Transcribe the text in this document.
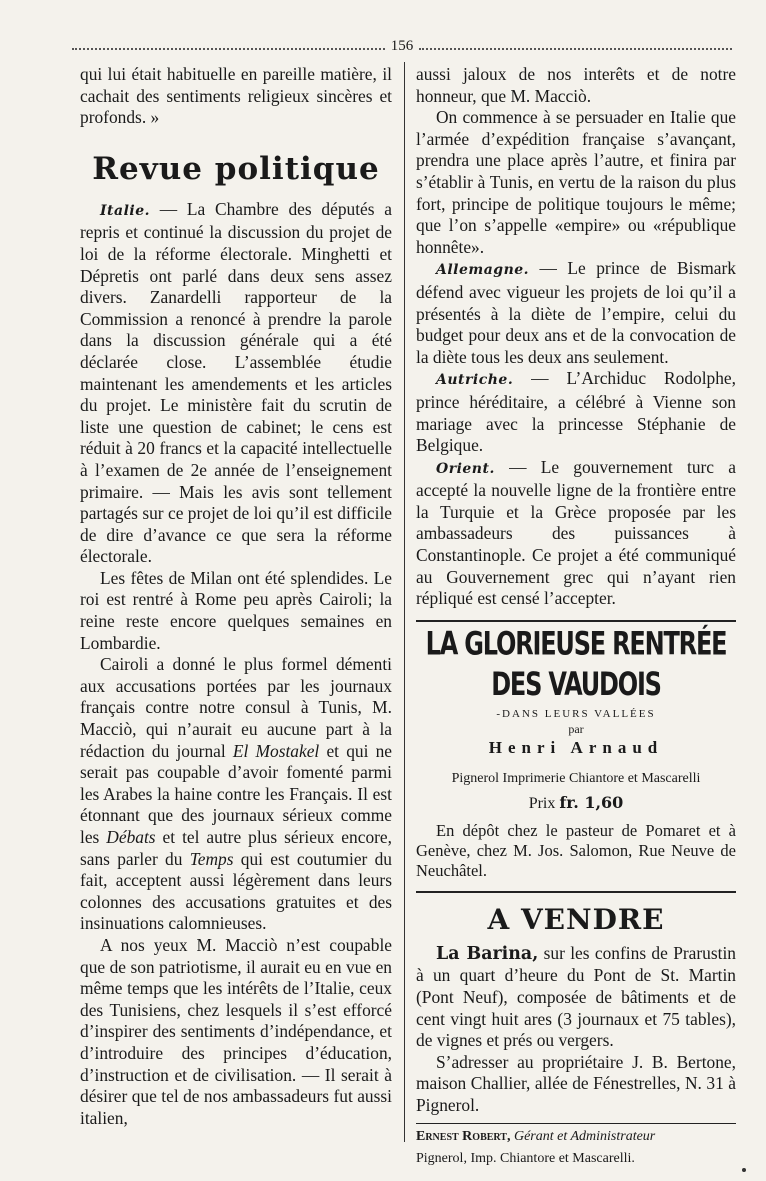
156

qui lui était habituelle en pareille matière, il cachait des sentiments religieux sincères et profonds. »

Revue politique

Italie. — La Chambre des députés a repris et continué la discussion du projet de loi de la réforme électorale. Minghetti et Dépretis ont parlé dans deux sens assez divers. Zanardelli rapporteur de la Commission a renoncé à prendre la parole dans la discussion générale qui a été déclarée close. L’assemblée étudie maintenant les amendements et les articles du projet. Le ministère fait du scrutin de liste une question de cabinet; le cens est réduit à 20 francs et la capacité intellectuelle à l’examen de 2e année de l’enseignement primaire. — Mais les avis sont tellement partagés sur ce projet de loi qu’il est difficile de dire d’avance ce que sera la réforme électorale.

Les fêtes de Milan ont été splendides. Le roi est rentré à Rome peu après Cairoli; la reine reste encore quelques semaines en Lombardie.

Cairoli a donné le plus formel démenti aux accusations portées par les journaux français contre notre consul à Tunis, M. Macciò, qui n’aurait eu aucune part à la rédaction du journal El Mostakel et qui ne serait pas coupable d’avoir fomenté parmi les Arabes la haine contre les Français. Il est étonnant que des journaux sérieux comme les Débats et tel autre plus sérieux encore, sans parler du Temps qui est coutumier du fait, acceptent aussi légèrement dans leurs colonnes des accusations gratuites et des insinuations calomnieuses.

A nos yeux M. Macciò n’est coupable que de son patriotisme, il aurait eu en vue en même temps que les intérêts de l’Italie, ceux des Tunisiens, chez lesquels il s’est efforcé d’inspirer des sentiments d’indépendance, et d’introduire des principes d’éducation, d’instruction et de civilisation. — Il serait à désirer que tel de nos ambassadeurs fut aussi italien,

aussi jaloux de nos interêts et de notre honneur, que M. Macciò.

On commence à se persuader en Italie que l’armée d’expédition française s’avançant, prendra une place après l’autre, et finira par s’établir à Tunis, en vertu de la raison du plus fort, principe de politique toujours le même; que l’on s’appelle «empire» ou «république honnête».

Allemagne. — Le prince de Bismark défend avec vigueur les projets de loi qu’il a présentés à la diète de l’empire, celui du budget pour deux ans et de la convocation de la diète tous les deux ans seulement.

Autriche. — L’Archiduc Rodolphe, prince héréditaire, a célébré à Vienne son mariage avec la princesse Stéphanie de Belgique.

Orient. — Le gouvernement turc a accepté la nouvelle ligne de la frontière entre la Turquie et la Grèce proposée par les ambassadeurs des puissances à Constantinople. Ce projet a été communiqué au Gouvernement grec qui n’ayant rien répliqué est censé l’accepter.

LA GLORIEUSE RENTRÉE DES VAUDOIS
-DANS LEURS VALLÉES
par
Henri Arnaud
Pignerol Imprimerie Chiantore et Mascarelli
Prix fr. 1,60

En dépôt chez le pasteur de Pomaret et à Genève, chez M. Jos. Salomon, Rue Neuve de Neuchâtel.

A VENDRE

La Barina, sur les confins de Prarustin à un quart d’heure du Pont de St. Martin (Pont Neuf), composée de bâtiments et de cent vingt huit ares (3 journaux et 75 tables), de vignes et prés ou vergers.

S’adresser au propriétaire J. B. Bertone, maison Challier, allée de Fénestrelles, N. 31 à Pignerol.

Ernest Robert, Gérant et Administrateur
Pignerol, Imp. Chiantore et Mascarelli.
